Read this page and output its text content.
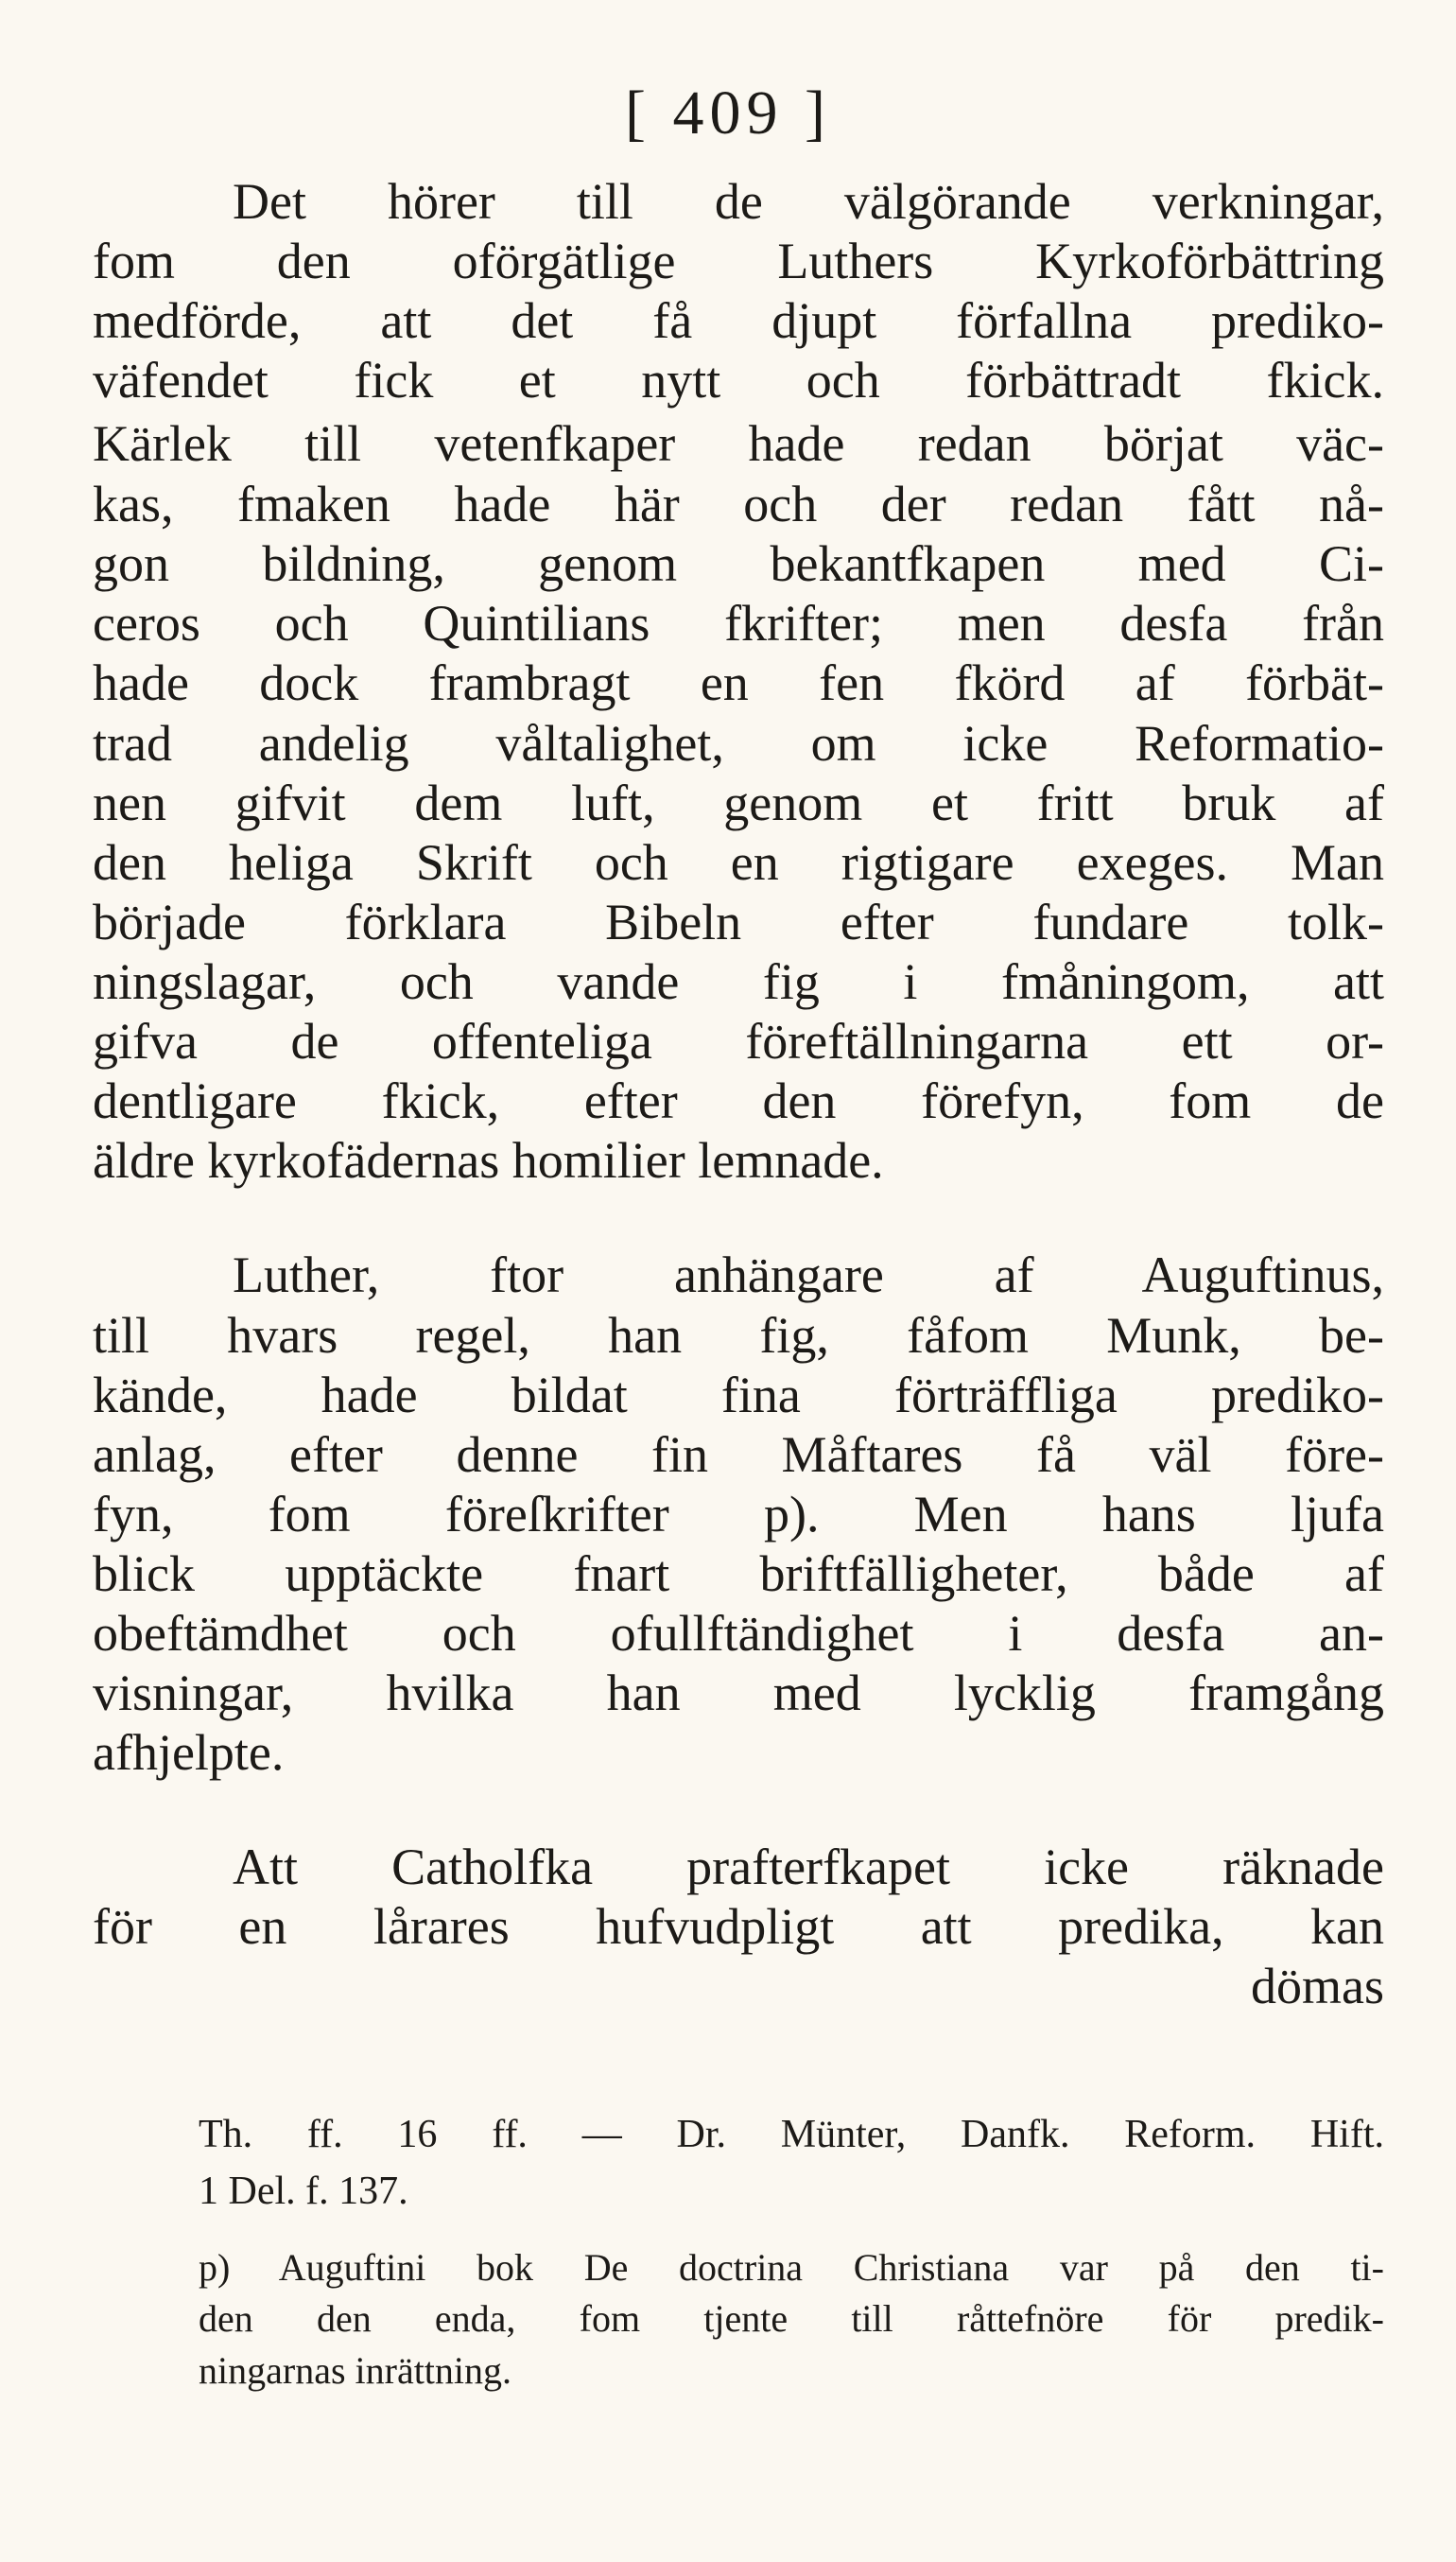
[ 409 ]
Det hörer till de välgörande verkningar,
fom den oförgätlige Luthers Kyrkoförbättring
medförde, att det få djupt förfallna prediko-
väfendet fick et nytt och förbättradt fkick.
Kärlek till vetenfkaper hade redan börjat väc-
kas, fmaken hade här och der redan fått nå-
gon bildning, genom bekantfkapen med Ci-
ceros och Quintilians fkrifter; men desfa från
hade dock frambragt en fen fkörd af förbät-
trad andelig våltalighet, om icke Reformatio-
nen gifvit dem luft, genom et fritt bruk af
den heliga Skrift och en rigtigare exeges. Man
började förklara Bibeln efter fundare tolk-
ningslagar, och vande fig i fmåningom, att
gifva de offenteliga föreftällningarna ett or-
dentligare fkick, efter den förefyn, fom de
äldre kyrkofädernas homilier lemnade.
Luther, ftor anhängare af Auguftinus,
till hvars regel, han fig, fåfom Munk, be-
kände, hade bildat fina förträffliga prediko-
anlag, efter denne fin Måftares få väl före-
fyn, fom föreſkrifter p). Men hans ljufa
blick upptäckte fnart briftfälligheter, både af
obeftämdhet och ofullftändighet i desfa an-
visningar, hvilka han med lycklig framgång
afhjelpte.
Att Catholfka prafterfkapet icke räknade
för en lårares hufvudpligt att predika, kan
dömas
Th. ff. 16 ff. — Dr. Münter, Danfk. Reform. Hift.
1 Del. f. 137.
p) Auguftini bok De doctrina Christiana var på den ti-
den den enda, fom tjente till råttefnöre för predik-
ningarnas inrättning.
